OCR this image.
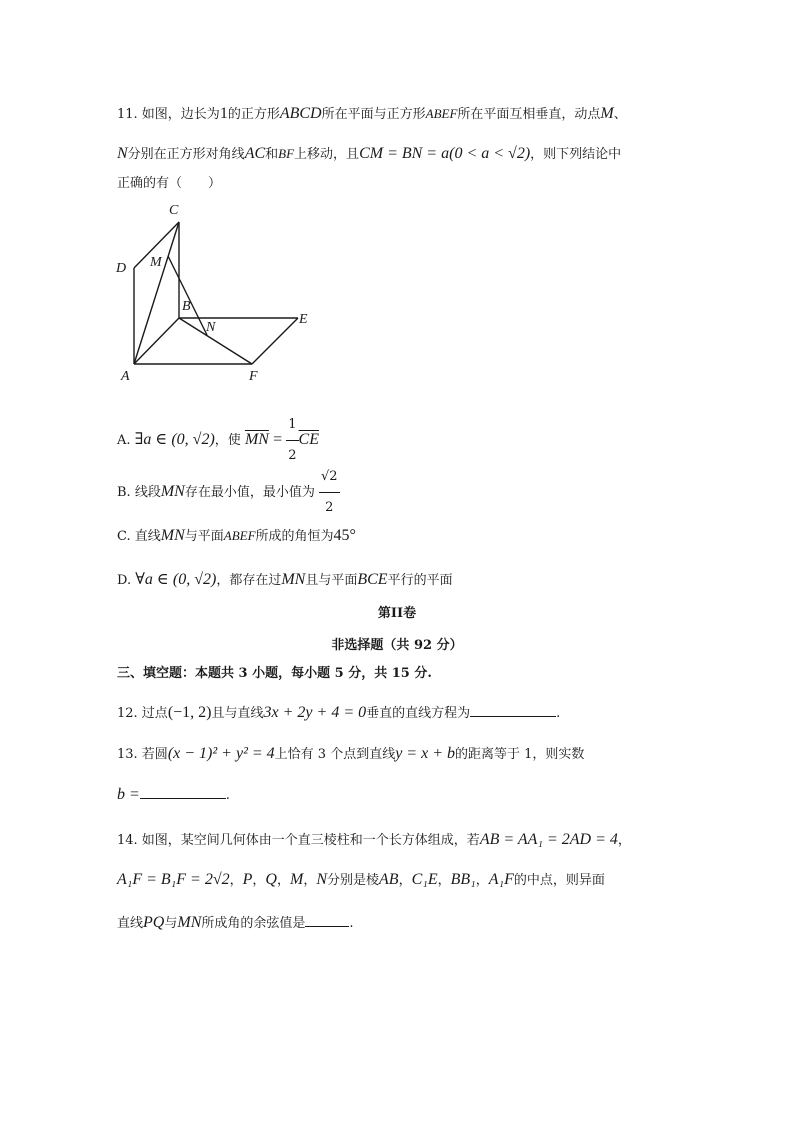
11. 如图，边长为1的正方形ABCD所在平面与正方形ABEF所在平面互相垂直，动点M、
N分别在正方形对角线AC和BF上移动，且CM = BN = a(0 < a < √2)，则下列结论中
正确的有（　　）
C
D M
B
N
E
A	F
A. ∃a ∈ (0, √2)，使 $\overline{MN} = \frac{1}{2} \overline{CE}$
B. 线段MN存在最小值，最小值为 $\frac{√2}{2}$
C. 直线MN与平面ABEF所成的角恒为45°
D. ∀a ∈ (0, √2)，都存在过MN且与平面BCE平行的平面
第II卷
非选择题（共 92 分）
三、填空题：本题共 3 小题，每小题 5 分，共 15 分.
12. 过点(−1, 2)且与直线3x + 2y + 4 = 0垂直的直线方程为	.
13. 若圆(x − 1)² + y² = 4上恰有 3 个点到直线y = x + b的距离等于 1，则实数
b =	.
14. 如图，某空间几何体由一个直三棱柱和一个长方体组成，若AB = AA₁ = 2AD = 4，
A₁F = B₁F = 2√2，P，Q，M，N分别是棱AB，C₁E，BB₁，A₁F的中点，则异面
直线PQ与MN所成角的余弦值是	.
